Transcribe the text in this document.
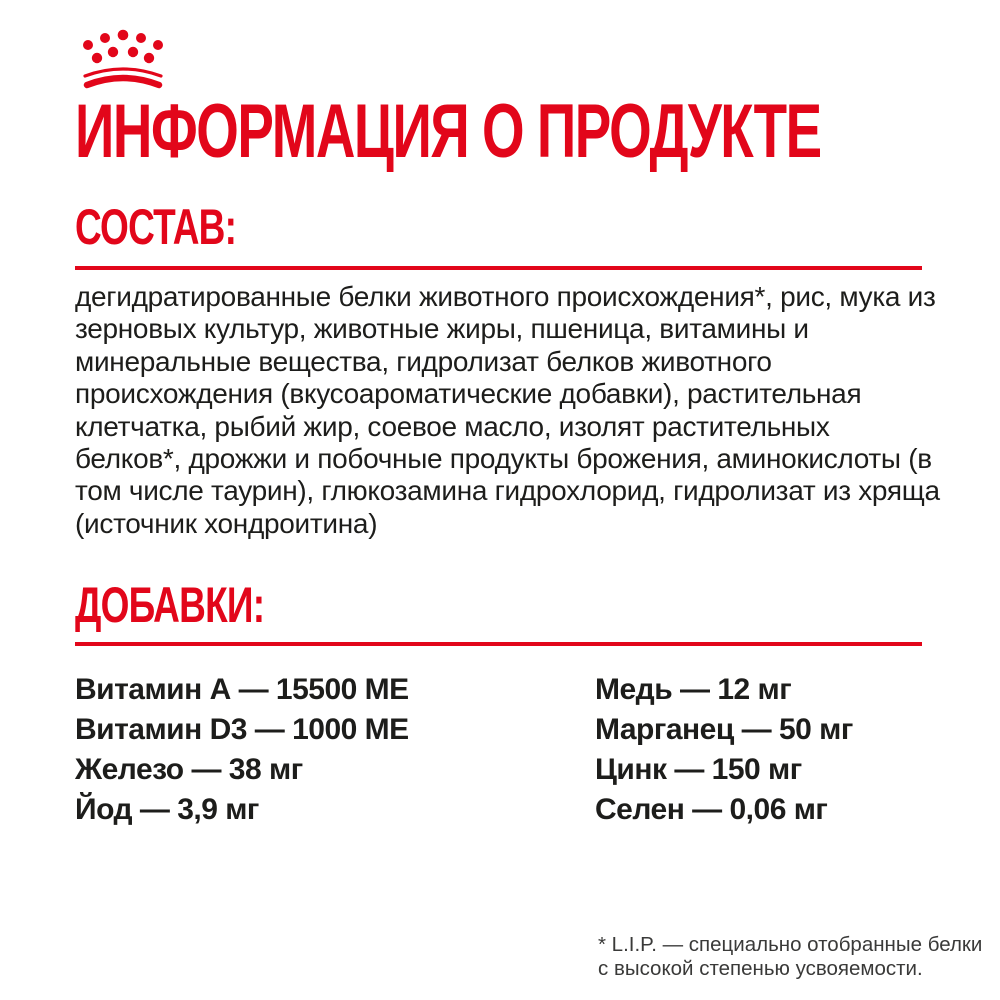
ИНФОРМАЦИЯ О ПРОДУКТЕ
СОСТАВ:

дегидратированные белки животного происхождения*, рис, мука из зерновых культур, животные жиры, пшеница, витамины и минеральные вещества, гидролизат белков животного происхождения (вкусоароматические добавки), растительная клетчатка, рыбий жир, соевое масло, изолят растительных белков*, дрожжи и побочные продукты брожения, аминокислоты (в том числе таурин), глюкозамина гидрохлорид, гидролизат из хряща (источник хондроитина)

ДОБАВКИ:
Витамин А — 15500 МЕ
Витамин D3 — 1000 МЕ
Железо — 38 мг
Йод — 3,9 мг
Медь — 12 мг
Марганец — 50 мг
Цинк — 150 мг
Селен — 0,06 мг
* L.I.P. — специально отобранные белки
с высокой степенью усвояемости.
